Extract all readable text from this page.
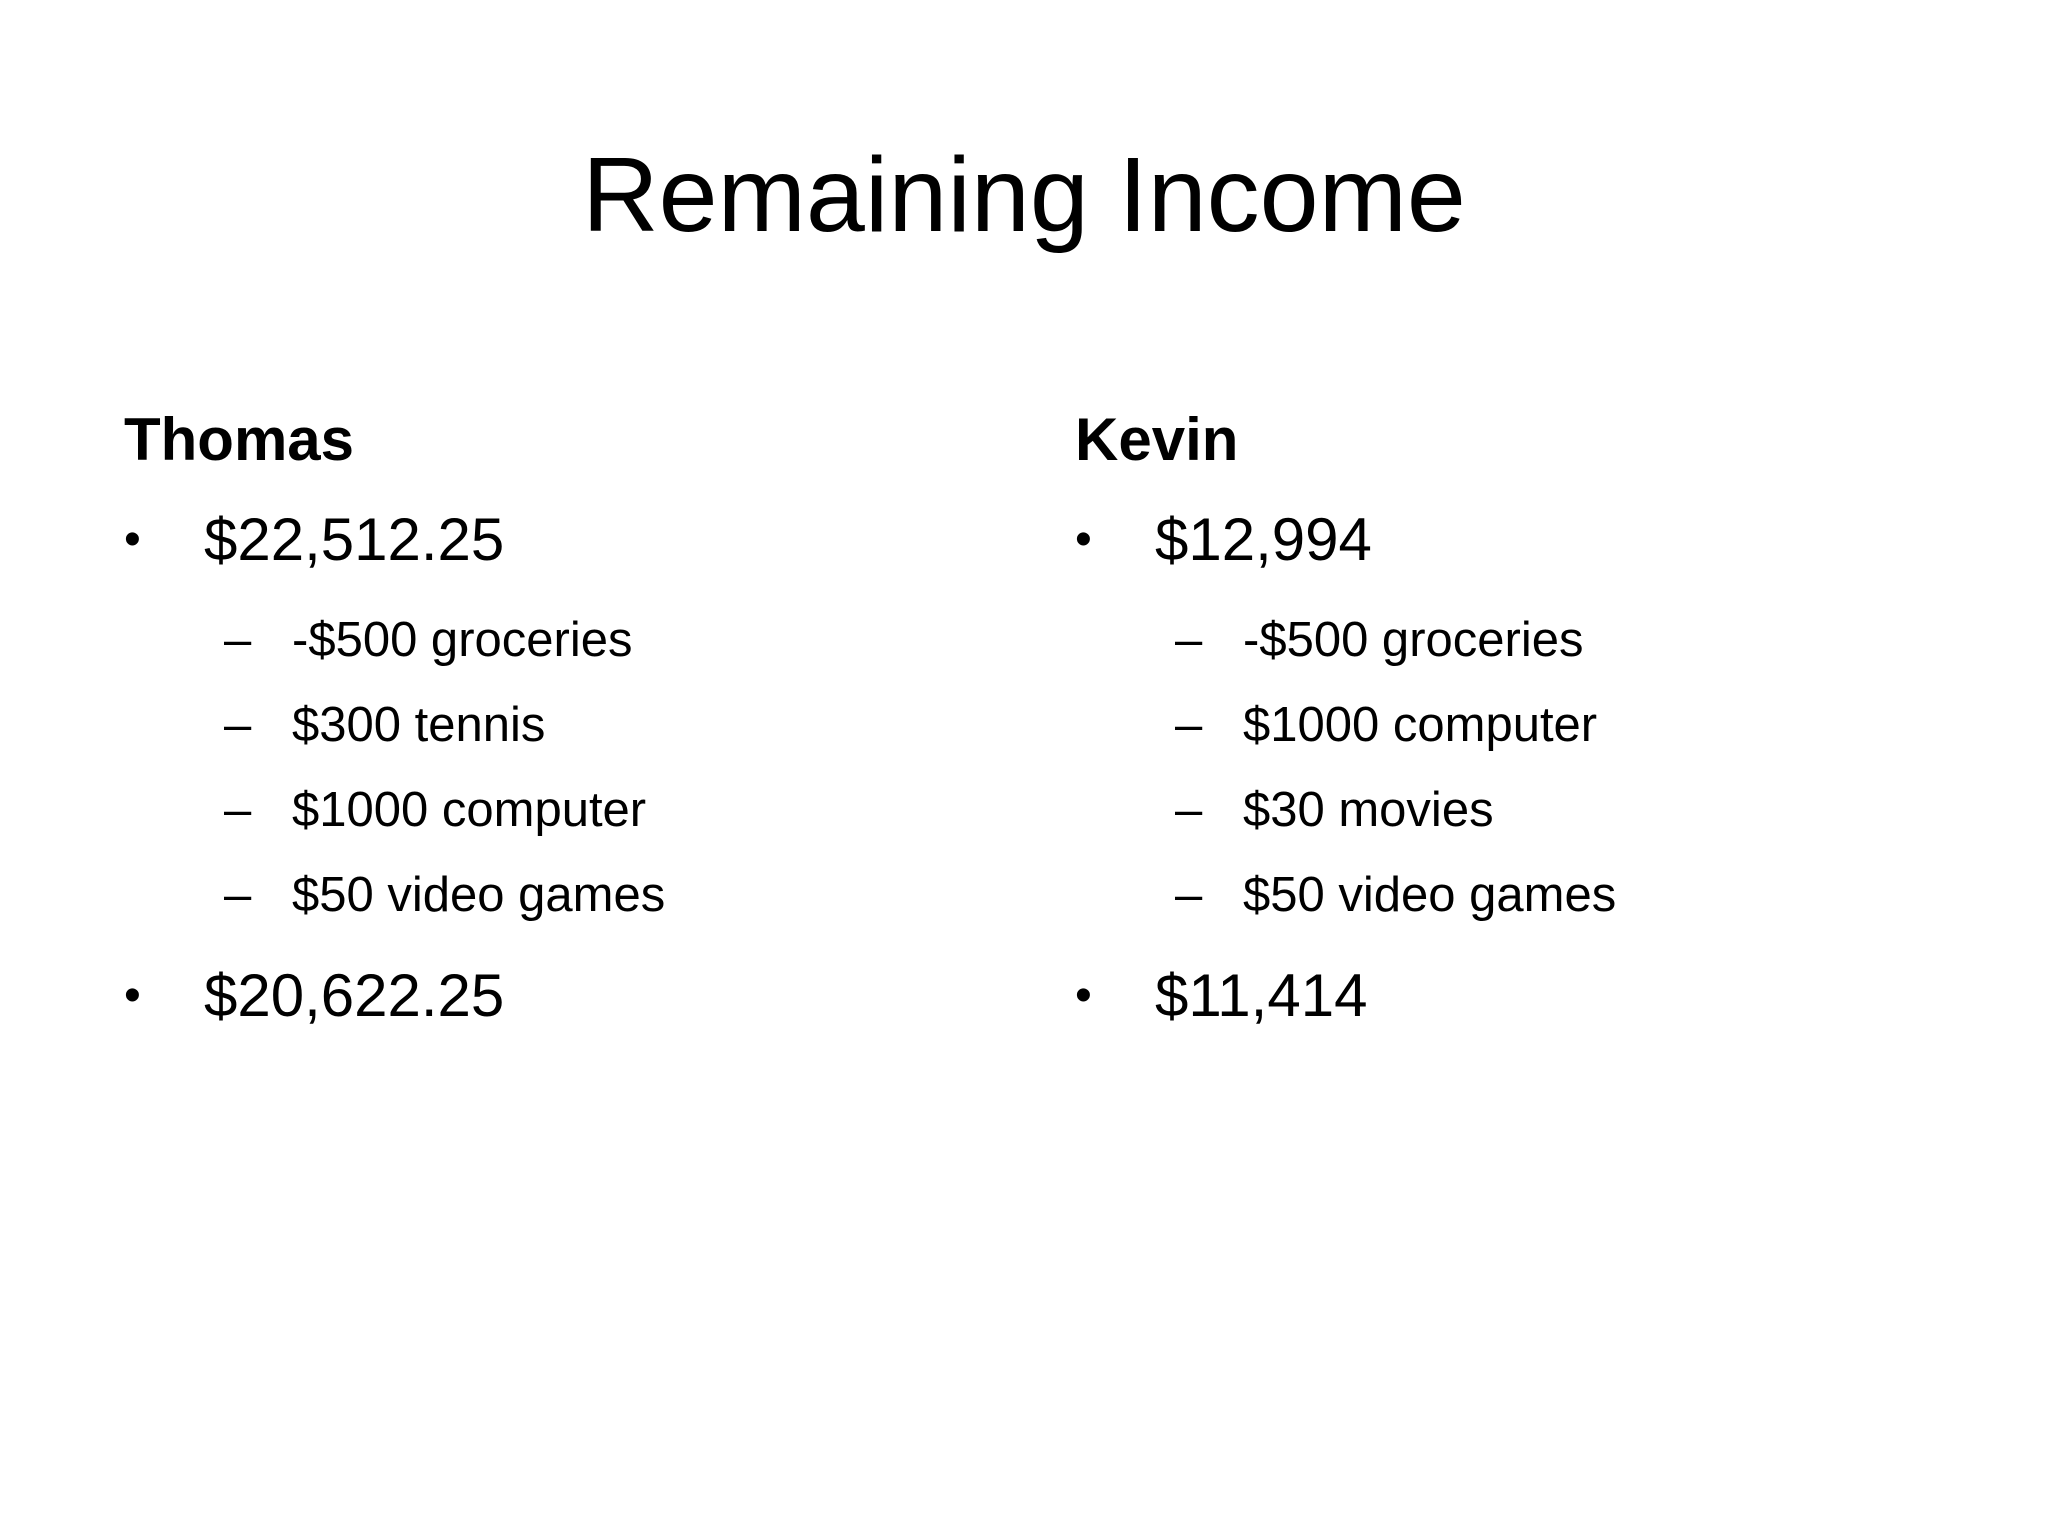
Remaining Income
Thomas
•	$22,512.25
– -$500 groceries
– $300 tennis
– $1000 computer
– $50 video games
•	$20,622.25
Kevin
•	$12,994
– -$500 groceries
– $1000 computer
– $30 movies
– $50 video games
•	$11,414
